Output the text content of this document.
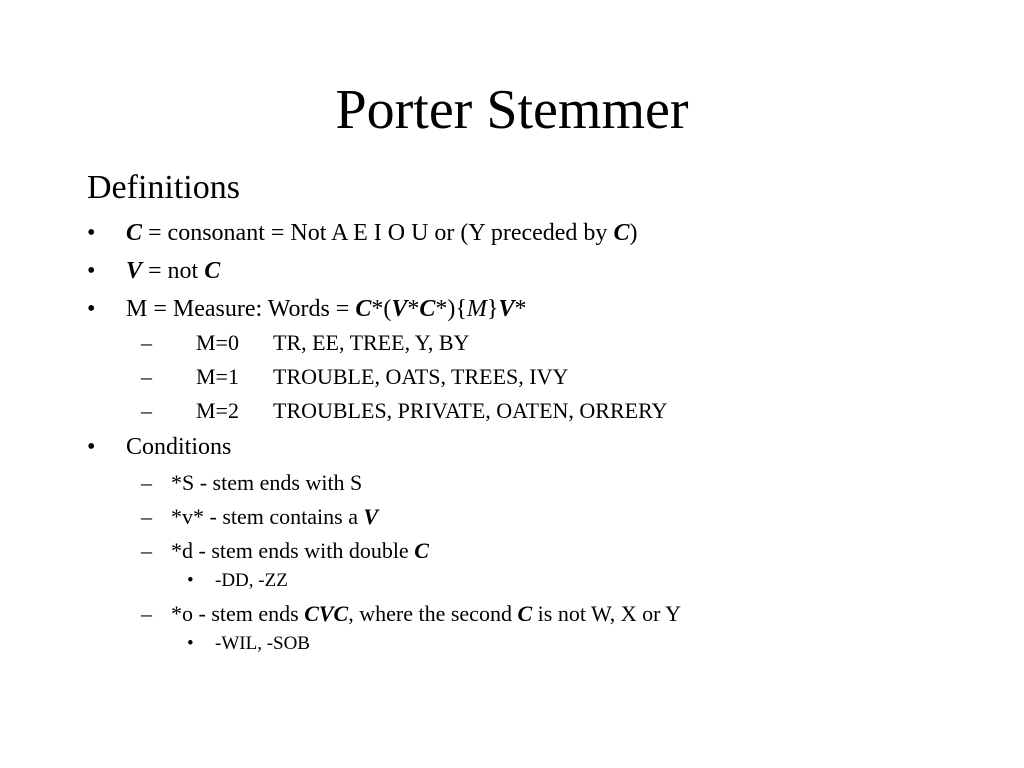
Porter Stemmer
Definitions
• C = consonant = Not A E I O U or (Y preceded by C)
• V = not C
• M = Measure: Words = C*(V*C*){M}V*
– M=0 TR, EE, TREE, Y, BY
– M=1 TROUBLE, OATS, TREES, IVY
– M=2 TROUBLES, PRIVATE, OATEN, ORRERY
• Conditions
– *S - stem ends with S
– *v* - stem contains a V
– *d - stem ends with double C
• -DD, -ZZ
– *o - stem ends CVC, where the second C is not W, X or Y
• -WIL, -SOB
